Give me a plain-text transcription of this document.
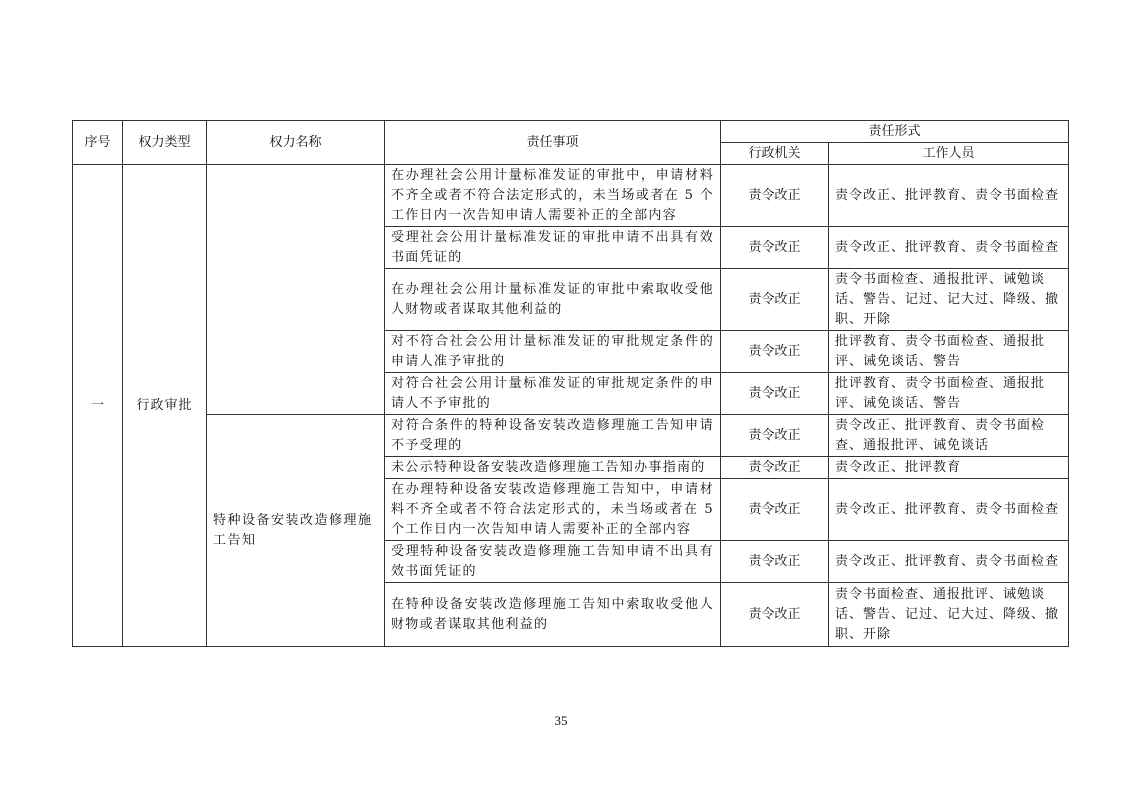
序号	权力类型	权力名称	责任事项	责任形式	
				行政机关	工作人员
一	行政审批		在办理社会公用计量标准发证的审批中，申请材料不齐全或者不符合法定形式的，未当场或者在 5 个工作日内一次告知申请人需要补正的全部内容	责令改正	责令改正、批评教育、责令书面检查
			受理社会公用计量标准发证的审批申请不出具有效书面凭证的	责令改正	责令改正、批评教育、责令书面检查
			在办理社会公用计量标准发证的审批中索取收受他人财物或者谋取其他利益的	责令改正	责令书面检查、通报批评、诫勉谈话、警告、记过、记大过、降级、撤职、开除
			对不符合社会公用计量标准发证的审批规定条件的申请人准予审批的	责令改正	批评教育、责令书面检查、通报批评、诫免谈话、警告
			对符合社会公用计量标准发证的审批规定条件的申请人不予审批的	责令改正	批评教育、责令书面检查、通报批评、诫免谈话、警告
		特种设备安装改造修理施工告知	对符合条件的特种设备安装改造修理施工告知申请不予受理的	责令改正	责令改正、批评教育、责令书面检查、通报批评、诫免谈话
			未公示特种设备安装改造修理施工告知办事指南的	责令改正	责令改正、批评教育
			在办理特种设备安装改造修理施工告知中，申请材料不齐全或者不符合法定形式的，未当场或者在 5 个工作日内一次告知申请人需要补正的全部内容	责令改正	责令改正、批评教育、责令书面检查
			受理特种设备安装改造修理施工告知申请不出具有效书面凭证的	责令改正	责令改正、批评教育、责令书面检查
			在特种设备安装改造修理施工告知中索取收受他人财物或者谋取其他利益的	责令改正	责令书面检查、通报批评、诫勉谈话、警告、记过、记大过、降级、撤职、开除
35
